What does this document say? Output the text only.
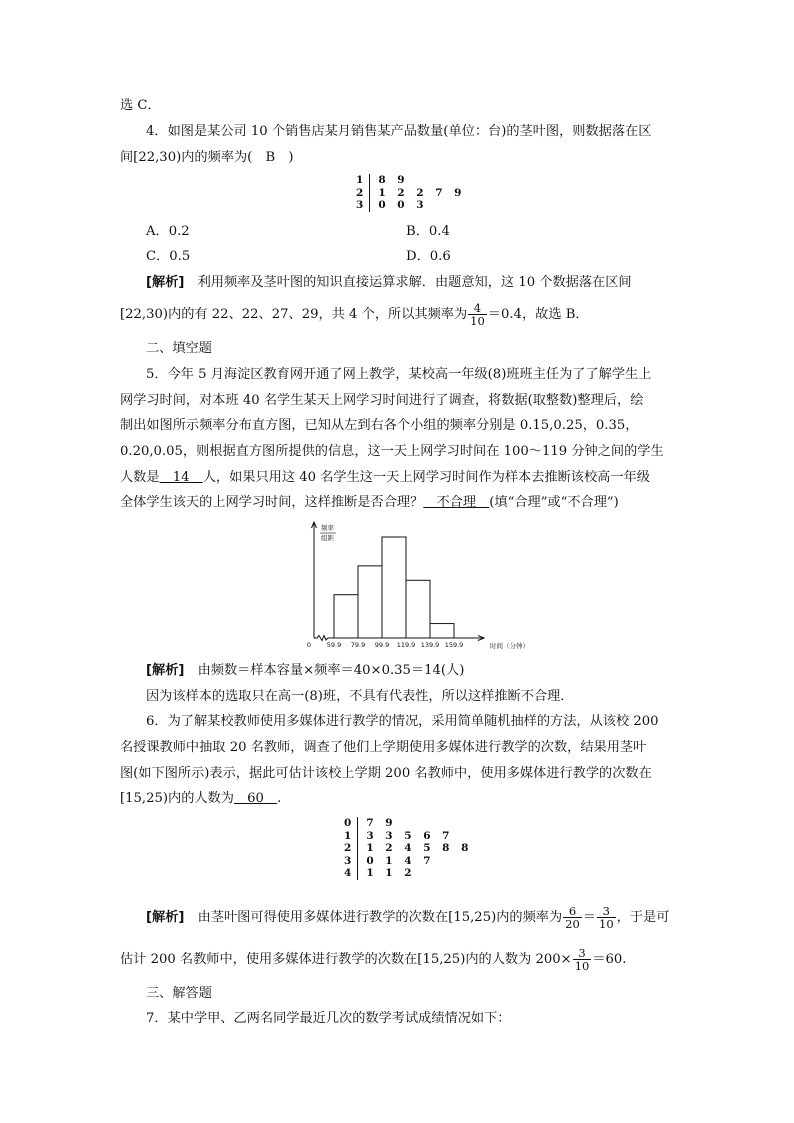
选 C．
4．如图是某公司 10 个销售店某月销售某产品数量(单位：台)的茎叶图，则数据落在区
间[22,30)内的频率为(　B　)
1	8 9
2	1 2 2 7 9
3	0 0 3
A．0.2	B．0.4
C．0.5	D．0.6
[解析]　利用频率及茎叶图的知识直接运算求解．由题意知，这 10 个数据落在区间
[22,30)内的有 22、22、27、29，共 4 个，所以其频率为 $\frac{4}{10} =0.4$，故选 B．
二、填空题
5．今年 5 月海淀区教育网开通了网上教学，某校高一年级(8)班班主任为了了解学生上
网学习时间，对本班 40 名学生某天上网学习时间进行了调查，将数据(取整数)整理后，绘
制出如图所示频率分布直方图，已知从左到右各个小组的频率分别是 0.15,0.25，0.35，
0.20,0.05，则根据直方图所提供的信息，这一天上网学习时间在 100～119 分钟之间的学生
人数是　14　人，如果只用这 40 名学生这一天上网学习时间作为样本去推断该校高一年级
全体学生该天的上网学习时间，这样推断是否合理？　不合理　(填“合理”或“不合理”)
59.9 79.9 99.9 119.9 139.9 159.9
0	时间（分钟）
频率
组距
[解析]　由频数＝样本容量×频率＝40×0.35＝14(人)
因为该样本的选取只在高一(8)班，不具有代表性，所以这样推断不合理．
6．为了解某校教师使用多媒体进行教学的情况，采用简单随机抽样的方法，从该校 200
名授课教师中抽取 20 名教师，调查了他们上学期使用多媒体进行教学的次数，结果用茎叶
图(如下图所示)表示，据此可估计该校上学期 200 名教师中，使用多媒体进行教学的次数在
[15,25)内的人数为　60　.
0	7 9
1	3 3 5 6 7
2	1 2 4 5 8 8
3	0 1 4 7
4	1 1 2
[解析]　由茎叶图可得使用多媒体进行教学的次数在[15,25)内的频率为 $\frac{6}{20} = \frac{3}{10}$ ，于是可
估计 200 名教师中，使用多媒体进行教学的次数在[15,25)内的人数为 $200\times \frac{3}{10} =60$.
三、解答题
7．某中学甲、乙两名同学最近几次的数学考试成绩情况如下：
